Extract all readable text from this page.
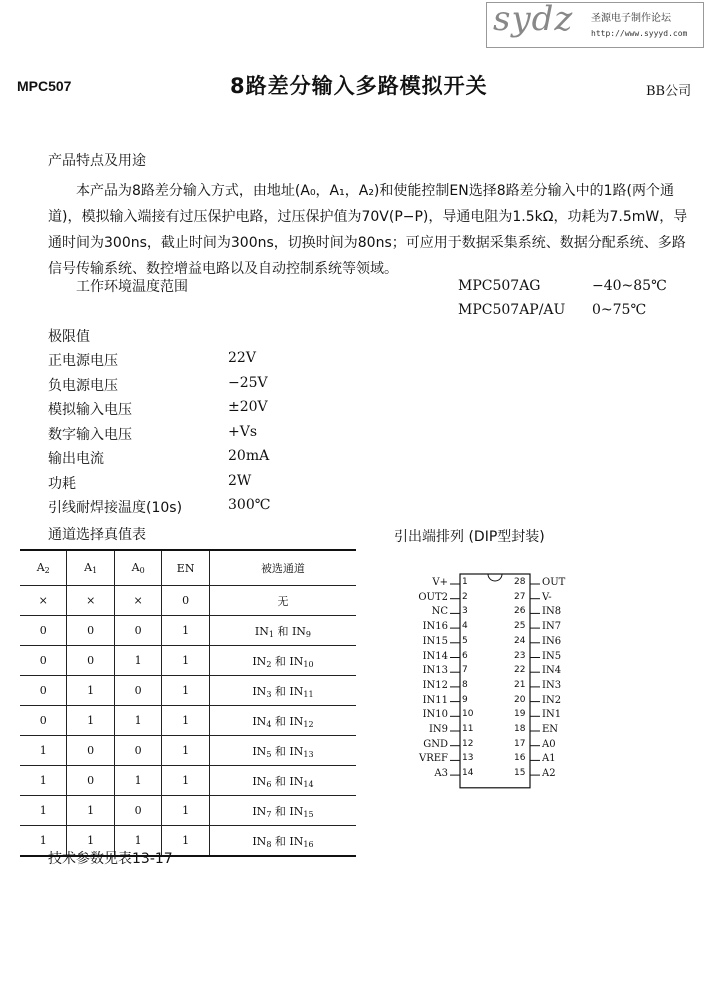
sydz 圣源电子制作论坛
http://www.syyyd.com
MPC507	8路差分输入多路模拟开关	BB公司
产品特点及用途
本产品为8路差分输入方式，由地址(A₀，A₁，A₂)和使能控制EN选择8路差分输入中的1路(两个通道)，模拟输入端接有过压保护电路，过压保护值为70V(P−P)，导通电阻为1.5kΩ，功耗为7.5mW，导通时间为300ns，截止时间为300ns，切换时间为80ns；可应用于数据采集系统、数据分配系统、多路信号传输系统、数控增益电路以及自动控制系统等领域。
工作环境温度范围	MPC507AG	−40~85℃
MPC507AP/AU 0~75℃
极限值
正电源电压	22V
负电源电压	−25V
模拟输入电压	±20V
数字输入电压	+Vs
输出电流	20mA
功耗	2W
引线耐焊接温度(10s)	300℃
通道选择真值表
$A_2$	$A_1$	$A_0$	EN	被选通道
×	×	×	0	无
0	0	0	1	$IN_1$ 和 $IN_9$
0	0	1	1	$IN_2$ 和 $IN_{10}$
0	1	0	1	$IN_3$ 和 $IN_{11}$
0	1	1	1	$IN_4$ 和 $IN_{12}$
1	0	0	1	$IN_5$ 和 $IN_{13}$
1	0	1	1	$IN_6$ 和 $IN_{14}$
1	1	0	1	$IN_7$ 和 $IN_{15}$
1	1	1	1	$IN_8$ 和 $IN_{16}$
引出端排列 (DIP型封装)
1
V+
2
OUT2
3
NC
4
IN16
5
IN15
6
IN14
7
IN13
8
IN12
9
IN11
10
IN10
11
IN9
12
GND
13
VREF
14
A3
28 OUT
27 V-
26 IN8
25 IN7
24 IN6
23 IN5
22 IN4
21 IN3
20 IN2
19 IN1
18 EN
17 A0
16 A1
15 A2
技术参数见表13-17
